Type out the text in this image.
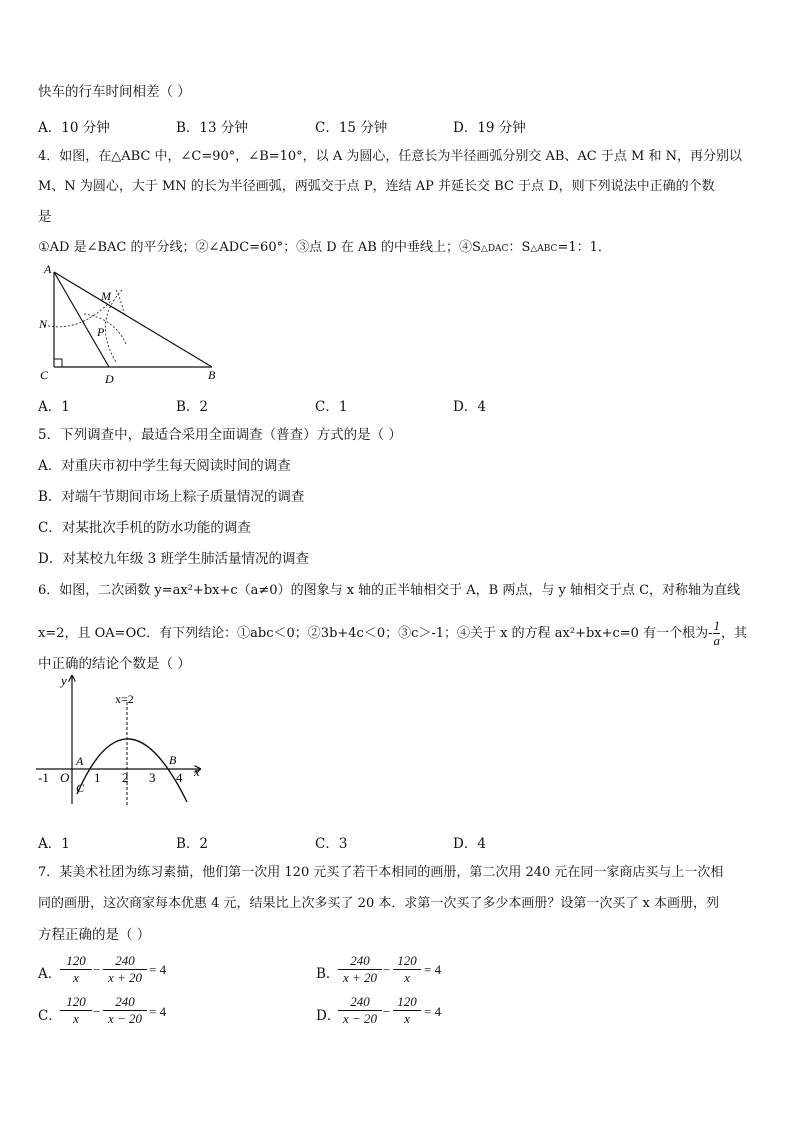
快车的行车时间相差（ ）
A．10 分钟	B．13 分钟	C．15 分钟	D．19 分钟
4．如图，在△ABC 中，∠C=90°，∠B=10°，以 A 为圆心，任意长为半径画弧分别交 AB、AC 于点 M 和 N，再分别以
M、N 为圆心，大于 MN 的长为半径画弧，两弧交于点 P，连结 AP 并延长交 BC 于点 D，则下列说法中正确的个数
是
①AD 是∠BAC 的平分线；②∠ADC=60°；③点 D 在 AB 的中垂线上；④S△DAC：S△ABC=1：1．
A
M
N
P
C	D	B
A．1	B．2	C．1	D．4
5．下列调查中，最适合采用全面调查（普查）方式的是（ ）
A．对重庆市初中学生每天阅读时间的调查
B．对端午节期间市场上粽子质量情况的调查
C．对某批次手机的防水功能的调查
D．对某校九年级 3 班学生肺活量情况的调查
6．如图，二次函数 y=ax²+bx+c（a≠0）的图象与 x 轴的正半轴相交于 A，B 两点，与 y 轴相交于点 C，对称轴为直线
x=2，且 OA=OC．有下列结论：①abc＜0；②3b+4c＜0；③c＞-1；④关于 x 的方程 ax²+bx+c=0 有一个根为- $\frac{1}{a}$ ，其
中正确的结论个数是（ ）
y
x
x=2
O
A	B
C
-1	1 2 3 4
A．1	B．2	C．3	D．4
7．某美术社团为练习素描，他们第一次用 120 元买了若干本相同的画册，第二次用 240 元在同一家商店买与上一次相
同的画册，这次商家每本优惠 4 元，结果比上次多买了 20 本．求第一次买了多少本画册？设第一次买了 x 本画册，列
方程正确的是（ ）
A．
$\frac{120}{x} - \frac{240}{x + 20} = 4$	B．
$\frac{240}{x + 20} - \frac{120}{x} = 4$
C．
$\frac{120}{x} - \frac{240}{x - 20} = 4$	D．
$\frac{240}{x - 20} - \frac{120}{x} = 4$
